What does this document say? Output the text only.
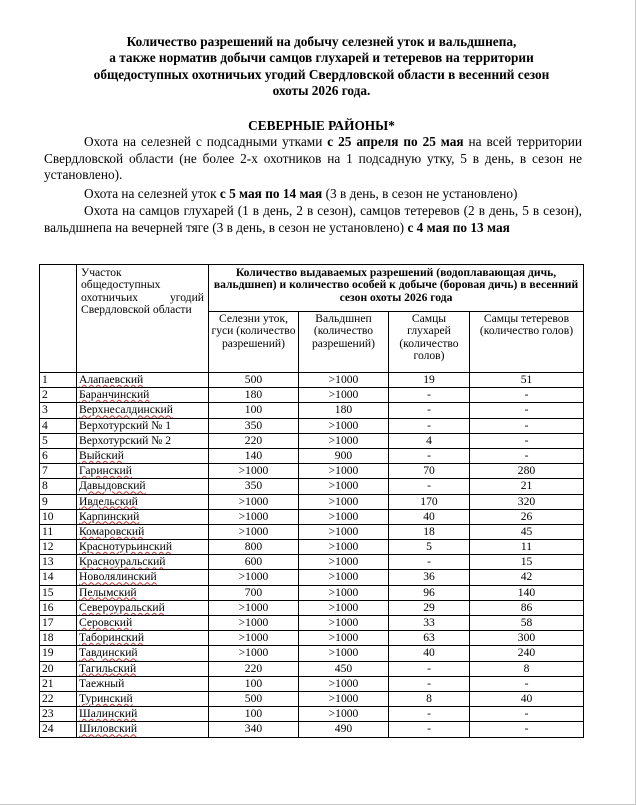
Количество разрешений на добычу селезней уток и вальдшнепа,
а также норматив добычи самцов глухарей и тетеревов на территории
общедоступных охотничьих угодий Свердловской области в весенний сезон
охоты 2026 года.
СЕВЕРНЫЕ РАЙОНЫ*

Охота на селезней с подсадными утками с 25 апреля по 25 мая на всей территории Свердловской области (не более 2-х охотников на 1 подсадную утку, 5 в день, в сезон не установлено).

Охота на селезней уток с 5 мая по 14 мая (3 в день, в сезон не установлено)

Охота на самцов глухарей (1 в день, 2 в сезон), самцов тетеревов (2 в день, 5 в сезон), вальдшнепа на вечерней тяге (3 в день, в сезон не установлено) с 4 мая по 13 мая

	Участок общедоступных охотничьих угодий Свердловской области	Количество выдаваемых разрешений (водоплавающая дичь, вальдшнеп) и количество особей к добыче (боровая дичь) в весенний сезон охоты 2026 года			
		Селезни уток, гуси (количество разрешений)	Вальдшнеп (количество разрешений)	Самцы глухарей (количество голов)	Самцы тетеревов (количество голов)
1	Алапаевский	500	>1000	19	51
2	Баранчинский	180	>1000	-	-
3	Верхнесалдинский	100	180	-	-
4	Верхотурский № 1	350	>1000	-	-
5	Верхотурский № 2	220	>1000	4	-
6	Выйский	140	900	-	-
7	Гаринский	>1000	>1000	70	280
8	Давыдовский	350	>1000	-	21
9	Ивдельский	>1000	>1000	170	320
10	Карпинский	>1000	>1000	40	26
11	Комаровский	>1000	>1000	18	45
12	Краснотурьинский	800	>1000	5	11
13	Красноуральский	600	>1000	-	15
14	Новолялинский	>1000	>1000	36	42
15	Пелымский	700	>1000	96	140
16	Североуральский	>1000	>1000	29	86
17	Серовский	>1000	>1000	33	58
18	Таборинский	>1000	>1000	63	300
19	Тавдинский	>1000	>1000	40	240
20	Тагильский	220	450	-	8
21	Таежный	100	>1000	-	-
22	Туринский	500	>1000	8	40
23	Шалинский	100	>1000	-	-
24	Шиловский	340	490	-	-
